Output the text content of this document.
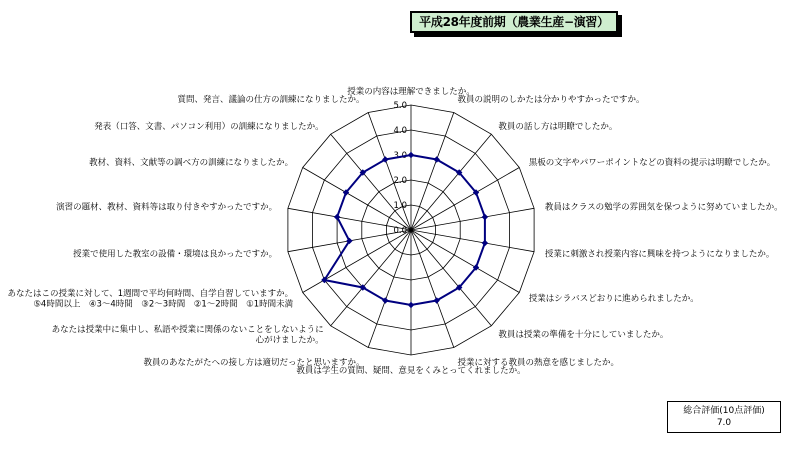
平成28年度前期（農業生産−演習）
0.0
1.0
2.0
3.0
4.0
5.0
授業の内容は理解できましたか。
教員の説明のしかたは分かりやすかったですか。
教員の話し方は明瞭でしたか。
黒板の文字やパワーポイントなどの資料の提示は明瞭でしたか。
教員はクラスの勉学の雰囲気を保つように努めていましたか。
授業に刺激され授業内容に興味を持つようになりましたか。
授業はシラバスどおりに進められましたか。
教員は授業の準備を十分にしていましたか。
授業に対する教員の熱意を感じましたか。
教員は学生の質問、疑問、意見をくみとってくれましたか。
教員のあなたがたへの接し方は適切だったと思いますか。
あなたは授業中に集中し、私語や授業に関係のないことをしないように心がけましたか。
あなたはこの授業に対して、1週間で平均何時間、自学自習していますか。 ⑤4時間以上　④3〜4時間　③2〜3時間　②1〜2時間　①1時間未満
授業で使用した教室の設備・環境は良かったですか。
演習の題材、教材、資料等は取り付きやすかったですか。
教材、資料、文献等の調べ方の訓練になりましたか。
発表（口答、文書、パソコン利用）の訓練になりましたか。
質問、発言、議論の仕方の訓練になりましたか。
総合評価(10点評価)
7.0
